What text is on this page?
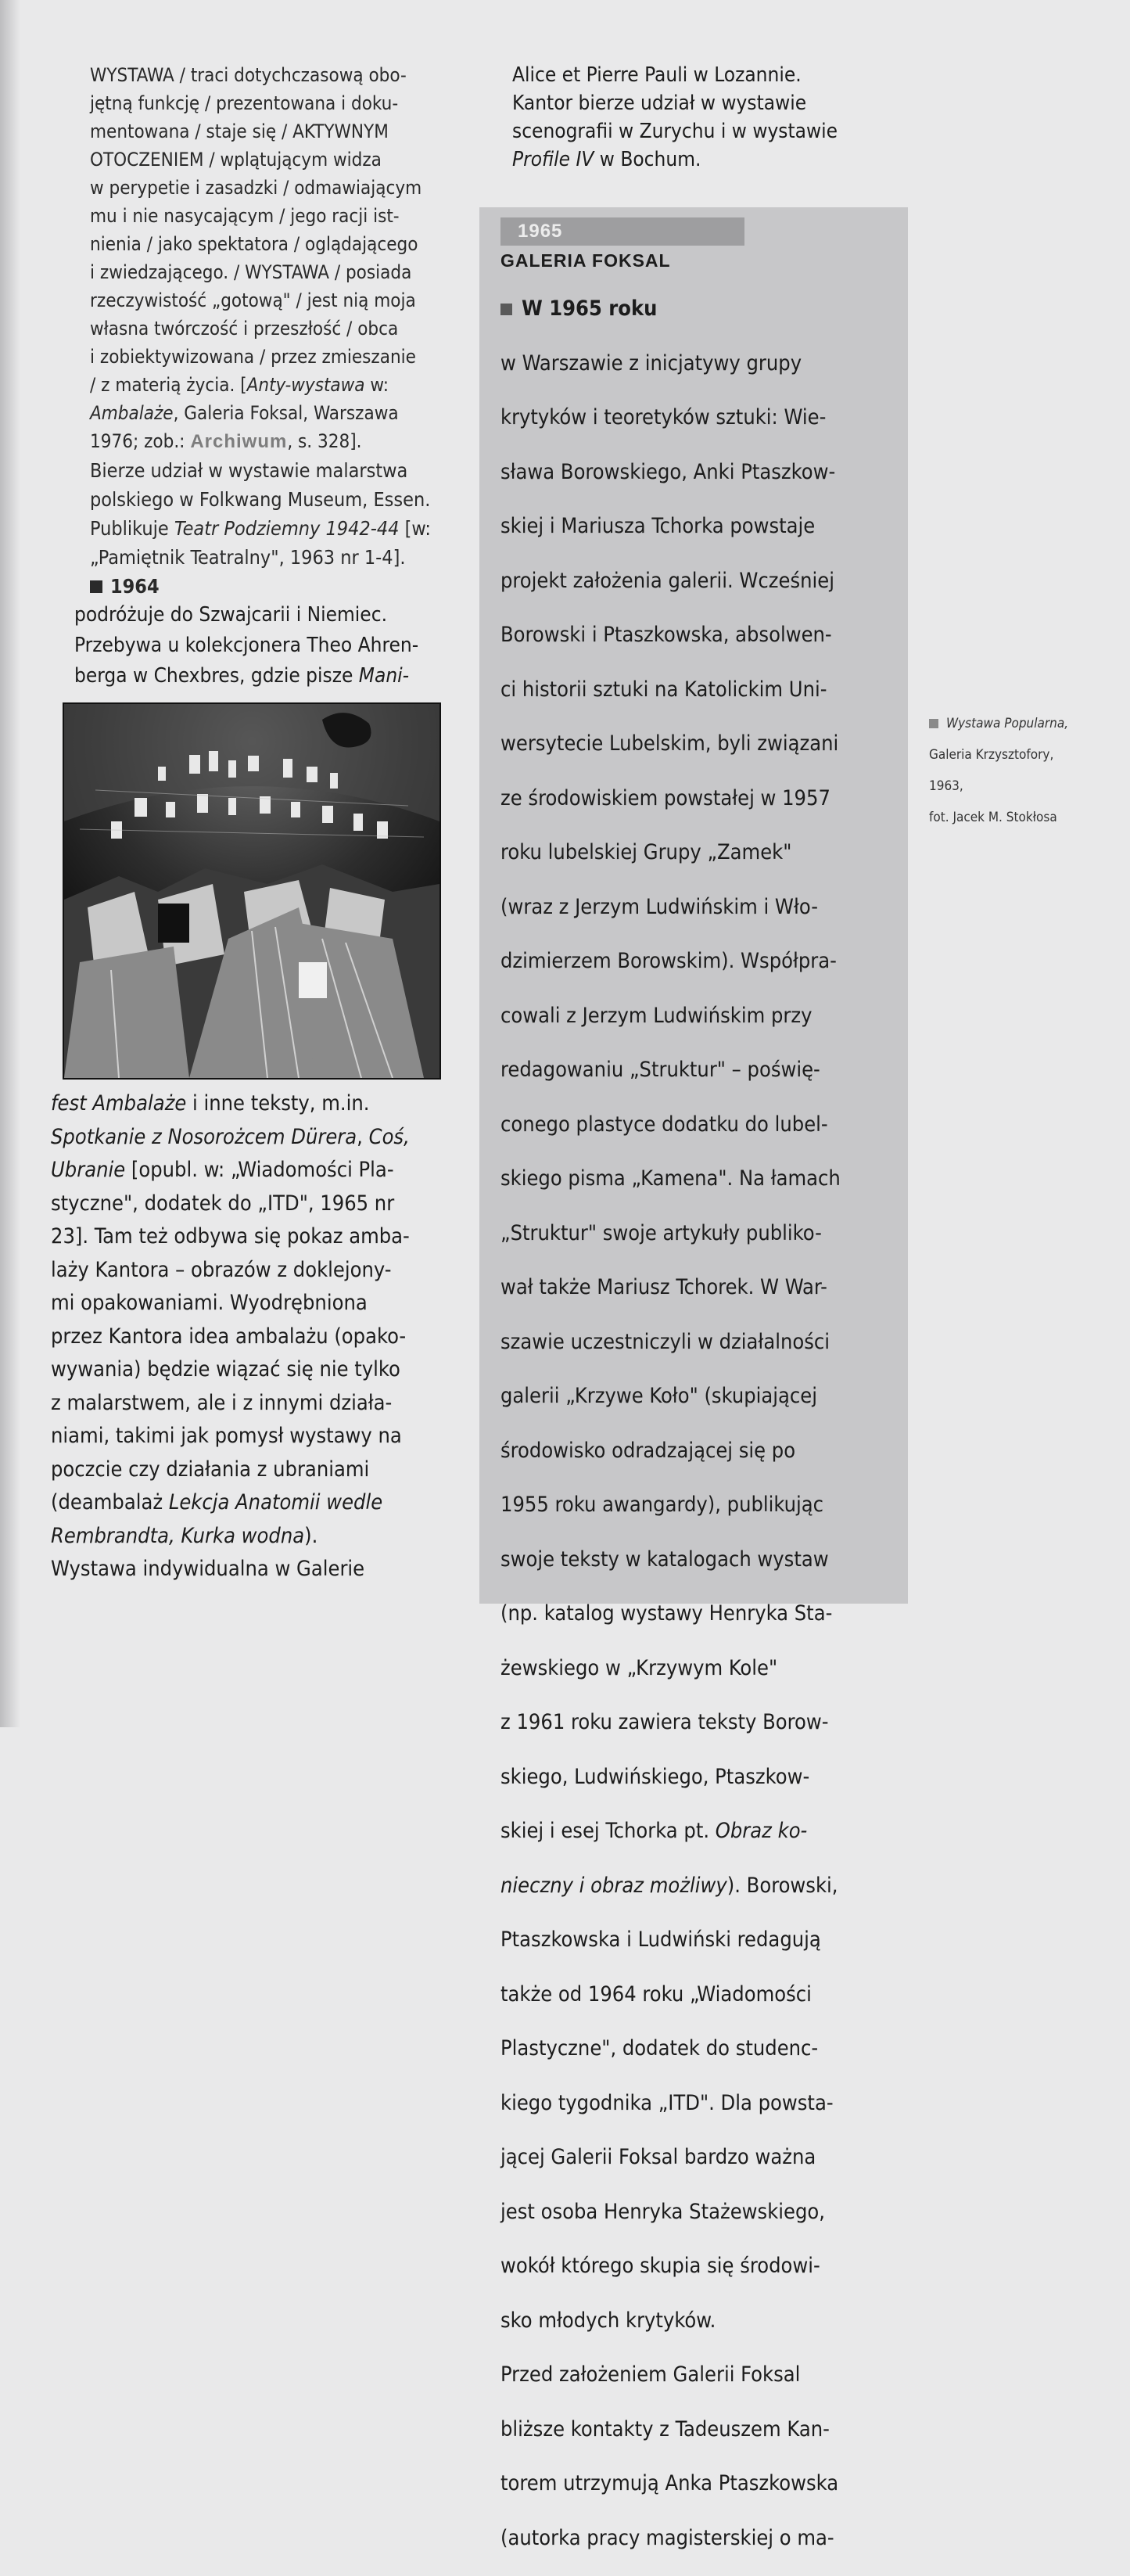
WYSTAWA / traci dotychczasową obo-

jętną funkcję / prezentowana i doku-

mentowana / staje się / AKTYWNYM

OTOCZENIEM / wplątującym widza

w perypetie i zasadzki / odmawiającym

mu i nie nasycającym / jego racji ist-

nienia / jako spektatora / oglądającego

i zwiedzającego. / WYSTAWA / posiada

rzeczywistość „gotową" / jest nią moja

własna twórczość i przeszłość / obca

i zobiektywizowana / przez zmieszanie

/ z materią życia. [Anty-wystawa w:

Ambalaże, Galeria Foksal, Warszawa

1976; zob.: Archiwum, s. 328].

Bierze udział w wystawie malarstwa

polskiego w Folkwang Museum, Essen.

Publikuje Teatr Podziemny 1942-44 [w:

„Pamiętnik Teatralny", 1963 nr 1-4].

1964

podróżuje do Szwajcarii i Niemiec.

Przebywa u kolekcjonera Theo Ahren-

berga w Chexbres, gdzie pisze Mani-

fest Ambalaże i inne teksty, m.in.

Spotkanie z Nosorożcem Dürera, Coś,

Ubranie [opubl. w: „Wiadomości Pla-

styczne", dodatek do „ITD", 1965 nr

23]. Tam też odbywa się pokaz amba-

laży Kantora – obrazów z doklejony-

mi opakowaniami. Wyodrębniona

przez Kantora idea ambalażu (opako-

wywania) będzie wiązać się nie tylko

z malarstwem, ale i z innymi działa-

niami, takimi jak pomysł wystawy na

poczcie czy działania z ubraniami

(deambalaż Lekcja Anatomii wedle

Rembrandta, Kurka wodna).

Wystawa indywidualna w Galerie

Alice et Pierre Pauli w Lozannie.

Kantor bierze udział w wystawie

scenografii w Zurychu i w wystawie

Profile IV w Bochum.

1965
GALERIA FOKSAL

W 1965 roku

w Warszawie z inicjatywy grupy

krytyków i teoretyków sztuki: Wie-

sława Borowskiego, Anki Ptaszkow-

skiej i Mariusza Tchorka powstaje

projekt założenia galerii. Wcześniej

Borowski i Ptaszkowska, absolwen-

ci historii sztuki na Katolickim Uni-

wersytecie Lubelskim, byli związani

ze środowiskiem powstałej w 1957

roku lubelskiej Grupy „Zamek"

(wraz z Jerzym Ludwińskim i Wło-

dzimierzem Borowskim). Współpra-

cowali z Jerzym Ludwińskim przy

redagowaniu „Struktur" – poświę-

conego plastyce dodatku do lubel-

skiego pisma „Kamena". Na łamach

„Struktur" swoje artykuły publiko-

wał także Mariusz Tchorek. W War-

szawie uczestniczyli w działalności

galerii „Krzywe Koło" (skupiającej

środowisko odradzającej się po

1955 roku awangardy), publikując

swoje teksty w katalogach wystaw

(np. katalog wystawy Henryka Sta-

żewskiego w „Krzywym Kole"

z 1961 roku zawiera teksty Borow-

skiego, Ludwińskiego, Ptaszkow-

skiej i esej Tchorka pt. Obraz ko-

nieczny i obraz możliwy). Borowski,

Ptaszkowska i Ludwiński redagują

także od 1964 roku „Wiadomości

Plastyczne", dodatek do studenc-

kiego tygodnika „ITD". Dla powsta-

jącej Galerii Foksal bardzo ważna

jest osoba Henryka Stażewskiego,

wokół którego skupia się środowi-

sko młodych krytyków.

Przed założeniem Galerii Foksal

bliższe kontakty z Tadeuszem Kan-

torem utrzymują Anka Ptaszkowska

(autorka pracy magisterskiej o ma-

Wystawa Popularna,
Galeria Krzysztofory,
1963,
fot. Jacek M. Stokłosa
